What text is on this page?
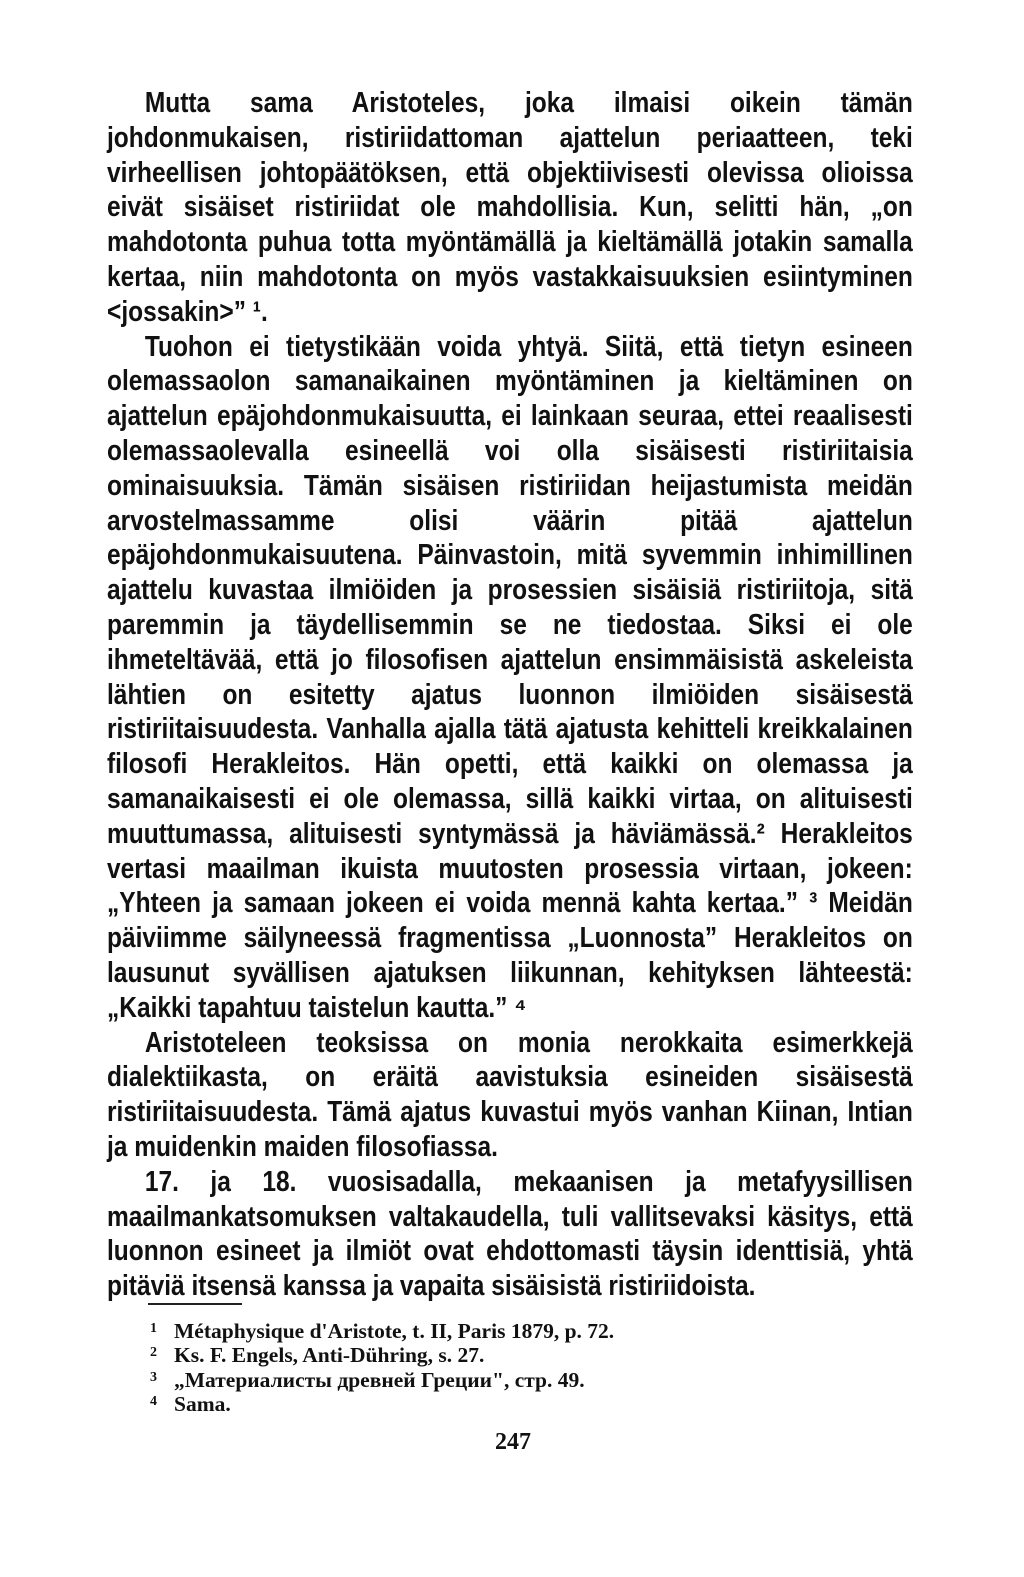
Mutta sama Aristoteles, joka ilmaisi oikein tämän johdonmukaisen, ristiriidattoman ajattelun periaatteen, teki virheellisen johtopäätöksen, että objektiivisesti olevissa olioissa eivät sisäiset ristiriidat ole mahdollisia. Kun, selitti hän, „on mahdotonta puhua totta myöntämällä ja kieltämällä jotakin samalla kertaa, niin mahdotonta on myös vastakkaisuuksien esiintyminen <jossakin>” ¹.

Tuohon ei tietystikään voida yhtyä. Siitä, että tietyn esineen olemassaolon samanaikainen myöntäminen ja kieltäminen on ajattelun epäjohdonmukaisuutta, ei lainkaan seuraa, ettei reaalisesti olemassaolevalla esineellä voi olla sisäisesti ristiriitaisia ominaisuuksia. Tämän sisäisen ristiriidan heijastumista meidän arvostelmassamme olisi väärin pitää ajattelun epäjohdonmukaisuutena. Päinvastoin, mitä syvemmin inhimillinen ajattelu kuvastaa ilmiöiden ja prosessien sisäisiä ristiriitoja, sitä paremmin ja täydellisemmin se ne tiedostaa. Siksi ei ole ihmeteltävää, että jo filosofisen ajattelun ensimmäisistä askeleista lähtien on esitetty ajatus luonnon ilmiöiden sisäisestä ristiriitaisuudesta. Vanhalla ajalla tätä ajatusta kehitteli kreikkalainen filosofi Herakleitos. Hän opetti, että kaikki on olemassa ja samanaikaisesti ei ole olemassa, sillä kaikki virtaa, on alituisesti muuttumassa, alituisesti syntymässä ja häviämässä.² Herakleitos vertasi maailman ikuista muutosten prosessia virtaan, jokeen: „Yhteen ja samaan jokeen ei voida mennä kahta kertaa.” ³ Meidän päiviimme säilyneessä fragmentissa „Luonnosta” Herakleitos on lausunut syvällisen ajatuksen liikunnan, kehityksen lähteestä: „Kaikki tapahtuu taistelun kautta.” ⁴

Aristoteleen teoksissa on monia nerokkaita esimerkkejä dialektiikasta, on eräitä aavistuksia esineiden sisäisestä ristiriitaisuudesta. Tämä ajatus kuvastui myös vanhan Kiinan, Intian ja muidenkin maiden filosofiassa.

17. ja 18. vuosisadalla, mekaanisen ja metafyysillisen maailmankatsomuksen valtakaudella, tuli vallitsevaksi käsitys, että luonnon esineet ja ilmiöt ovat ehdottomasti täysin identtisiä, yhtä pitäviä itsensä kanssa ja vapaita sisäisistä ristiriidoista.

1 Métaphysique d'Aristote, t. II, Paris 1879, p. 72.
2 Ks. F. Engels, Anti-Dühring, s. 27.
3 „Материалисты древней Греции", стр. 49.
4 Sama.
247
